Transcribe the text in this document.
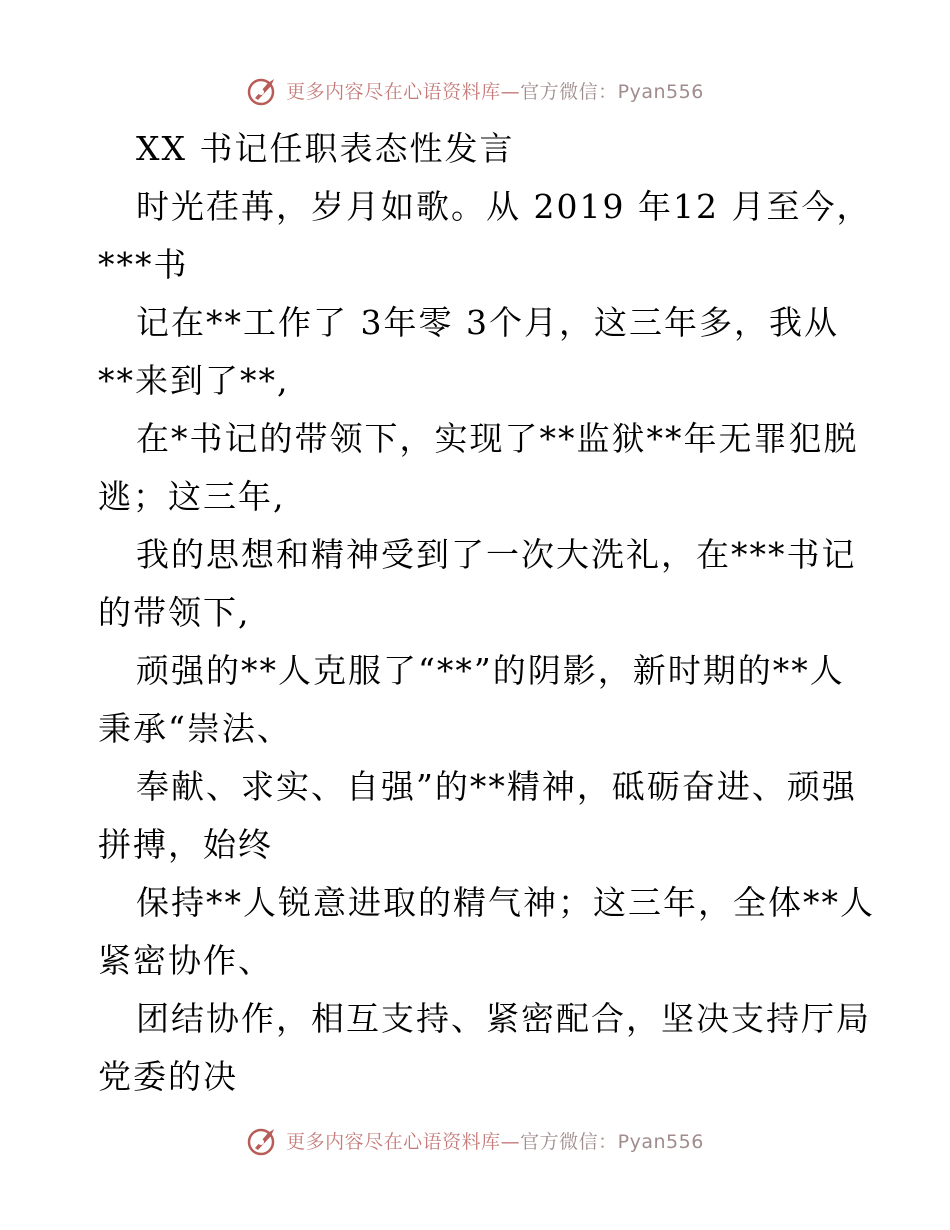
更多内容尽在心语资料库—官方微信：Pyan556

XX 书记任职表态性发言

时光荏苒，岁月如歌。从 2019 年12 月至今，

***书

记在**工作了 3年零 3个月，这三年多，我从

**来到了**,

在*书记的带领下，实现了**监狱**年无罪犯脱

逃；这三年,

我的思想和精神受到了一次大洗礼，在***书记

的带领下,

顽强的**人克服了“**”的阴影，新时期的**人

秉承“崇法、

奉献、求实、自强”的**精神，砥砺奋进、顽强

拼搏，始终

保持**人锐意进取的精气神；这三年，全体**人

紧密协作、

团结协作，相互支持、紧密配合，坚决支持厅局

党委的决

更多内容尽在心语资料库—官方微信：Pyan556
